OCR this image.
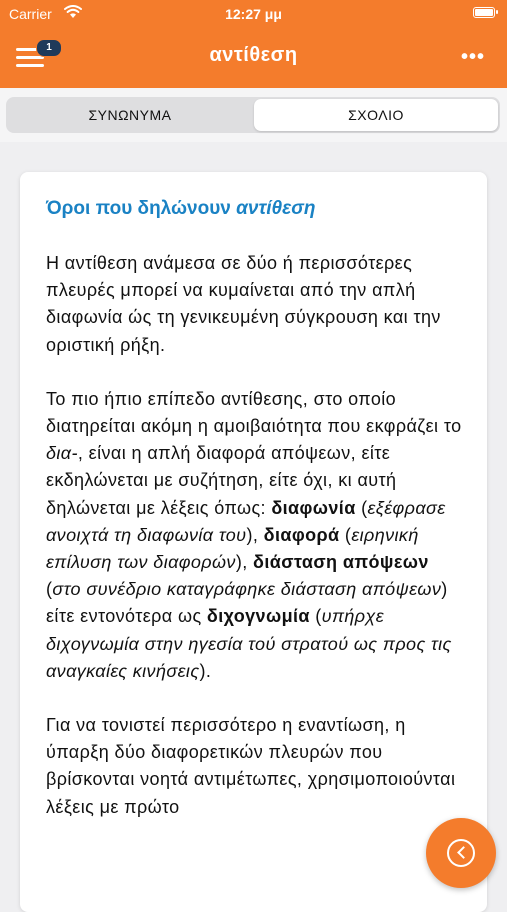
Carrier	12:27 μμ
1	αντίθεση	•••
ΣΥΝΩΝΥΜΑ	ΣΧΟΛΙΟ
Όροι που δηλώνουν αντίθεση

Η αντίθεση ανάμεσα σε δύο ή περισσότερες πλευρές μπορεί να κυμαίνεται από την απλή διαφωνία ώς τη γενικευμένη σύγκρουση και την οριστική ρήξη.

Το πιο ήπιο επίπεδο αντίθεσης, στο οποίο διατηρείται ακόμη η αμοιβαιότητα που εκφράζει το δια-, είναι η απλή διαφορά απόψεων, είτε εκδηλώνεται με συζήτηση, είτε όχι, κι αυτή δηλώνεται με λέξεις όπως: διαφωνία (εξέφρασε ανοιχτά τη διαφωνία του), διαφορά (ειρηνική επίλυση των διαφορών), διάσταση απόψεων (στο συνέδριο καταγράφηκε διάσταση απόψεων) είτε εντονότερα ως διχογνωμία (υπήρχε διχογνωμία στην ηγεσία τού στρατού ως προς τις αναγκαίες κινήσεις).

Για να τονιστεί περισσότερο η εναντίωση, η ύπαρξη δύο διαφορετικών πλευρών που βρίσκονται νοητά αντιμέτωπες, χρησιμοποιούνται λέξεις με πρώτο
